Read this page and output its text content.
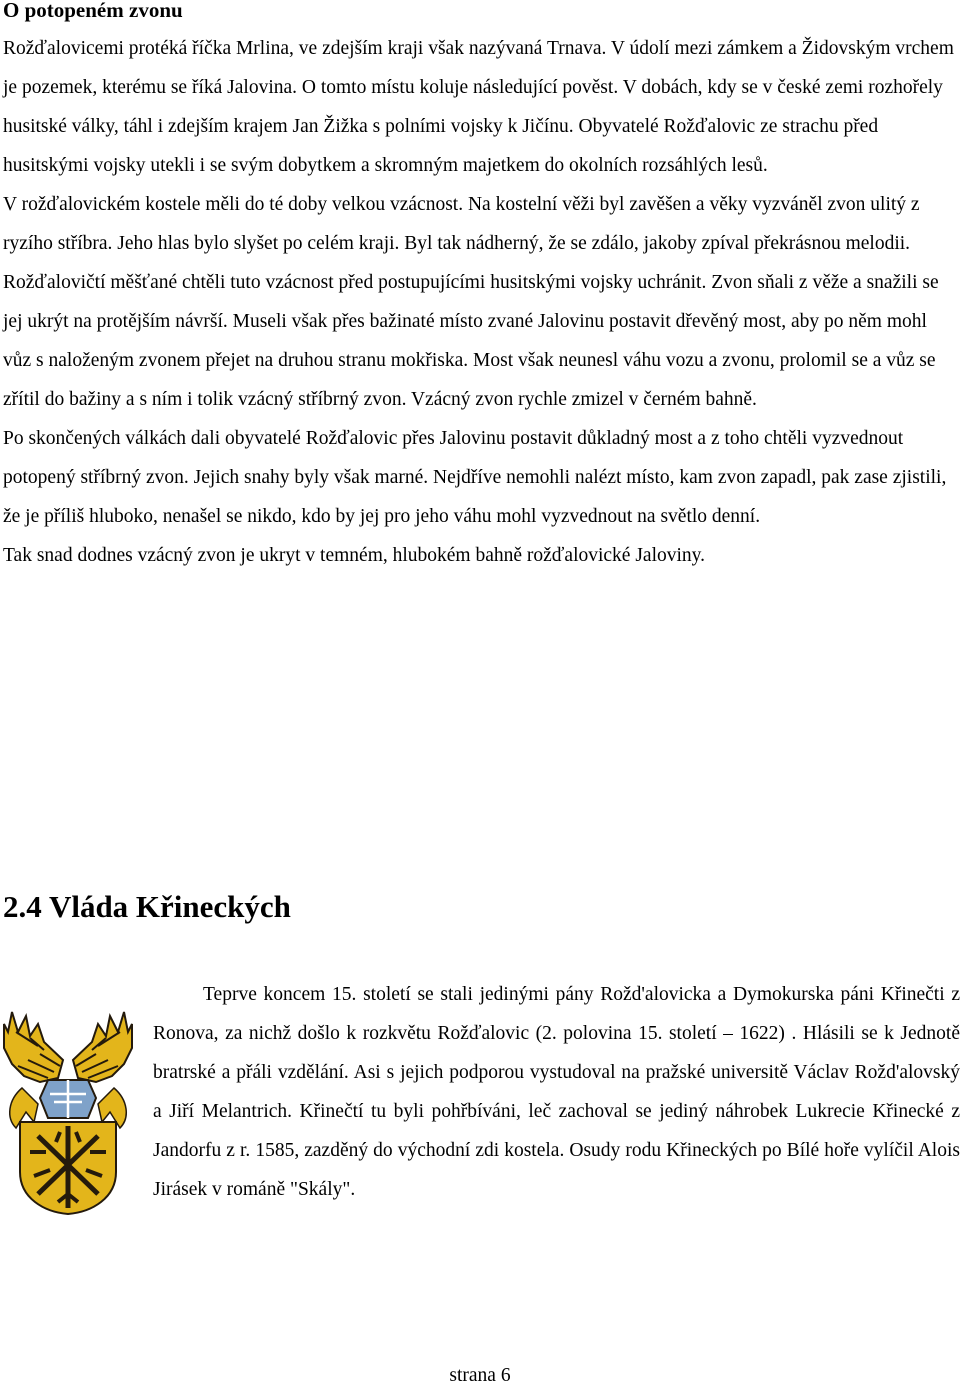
O potopeném zvonu

Rožďalovicemi protéká říčka Mrlina, ve zdejším kraji však nazývaná Trnava. V údolí mezi zámkem a Židovským vrchem je pozemek, kterému se říká Jalovina. O tomto místu koluje následující pověst. V dobách, kdy se v české zemi rozhořely husitské války, táhl i zdejším krajem Jan Žižka s polními vojsky k Jičínu. Obyvatelé Rožďalovic ze strachu před husitskými vojsky utekli i se svým dobytkem a skromným majetkem do okolních rozsáhlých lesů.

V rožďalovickém kostele měli do té doby velkou vzácnost. Na kostelní věži byl zavěšen a věky vyzváněl zvon ulitý z ryzího stříbra. Jeho hlas bylo slyšet po celém kraji. Byl tak nádherný, že se zdálo, jakoby zpíval překrásnou melodii.

Rožďalovičtí měšťané chtěli tuto vzácnost před postupujícími husitskými vojsky uchránit. Zvon sňali z věže a snažili se jej ukrýt na protějším návrší. Museli však přes bažinaté místo zvané Jalovinu postavit dřevěný most, aby po něm mohl vůz s naloženým zvonem přejet na druhou stranu mokřiska. Most však neunesl váhu vozu a zvonu, prolomil se a vůz se zřítil do bažiny a s ním i tolik vzácný stříbrný zvon. Vzácný zvon rychle zmizel v černém bahně.

Po skončených válkách dali obyvatelé Rožďalovic přes Jalovinu postavit důkladný most a z toho chtěli vyzvednout potopený stříbrný zvon. Jejich snahy byly však marné. Nejdříve nemohli nalézt místo, kam zvon zapadl, pak zase zjistili, že je příliš hluboko, nenašel se nikdo, kdo by jej pro jeho váhu mohl vyzvednout na světlo denní.

Tak snad dodnes vzácný zvon je ukryt v temném, hlubokém bahně rožďalovické Jaloviny.

2.4 Vláda Křineckých

Teprve koncem 15. století se stali jedinými pány Rožd'alovicka a Dymokurska páni Křinečti z Ronova, za nichž došlo k rozkvětu Rožďalovic (2. polovina 15. století – 1622) . Hlásili se k Jednotě bratrské a přáli vzdělání. Asi s jejich podporou vystudoval na pražské universitě Václav Rožd'alovský a Jiří Melantrich. Křinečtí tu byli pohřbíváni, leč zachoval se jediný náhrobek Lukrecie Křinecké z Jandorfu z r. 1585, zazděný do východní zdi kostela. Osudy rodu Křineckých po Bílé hoře vylíčil Alois Jirásek v románě "Skály".

strana 6
